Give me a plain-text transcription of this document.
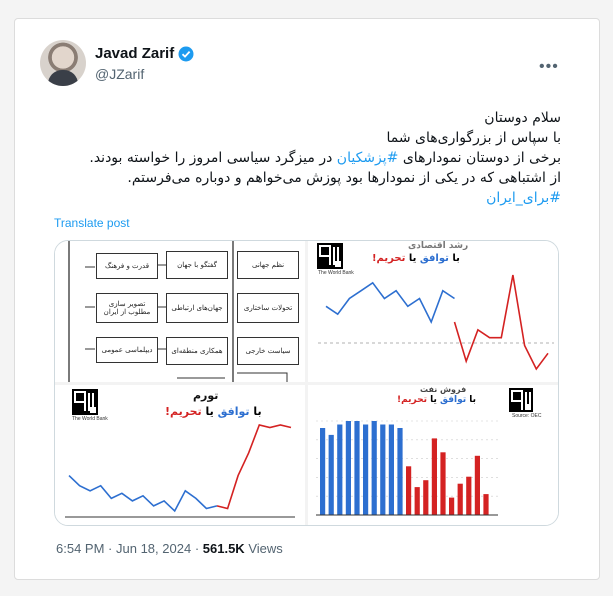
Javad Zarif
@JZarif	•••

سلام دوستان

با سپاس از بزرگواری‌های شما

برخی از دوستان نمودارهای #پزشکیان در میزگرد سیاسی امروز را خواسته بودند.

از اشتباهی که در یکی از نمودارها بود پوزش می‌خواهم و دوباره می‌فرستم.

#برای_ایران

Translate post
قدرت و فرهنگ
تصویر سازی مطلوب از ایران
دیپلماسی عمومی
گفتگو با جهان
جهان‌های ارتباطی
همکاری منطقه‌ای
نظم جهانی
تحولات ساختاری
سیاست خارجی
The World Bank
رشد اقتصادی
با توافق یا تحریم!
The World Bank
تورم
با توافق یا تحریم!	Source: OEC
فروش نفت
با توافق یا تحریم!
6:54 PM · Jun 18, 2024 · 561.5K Views
